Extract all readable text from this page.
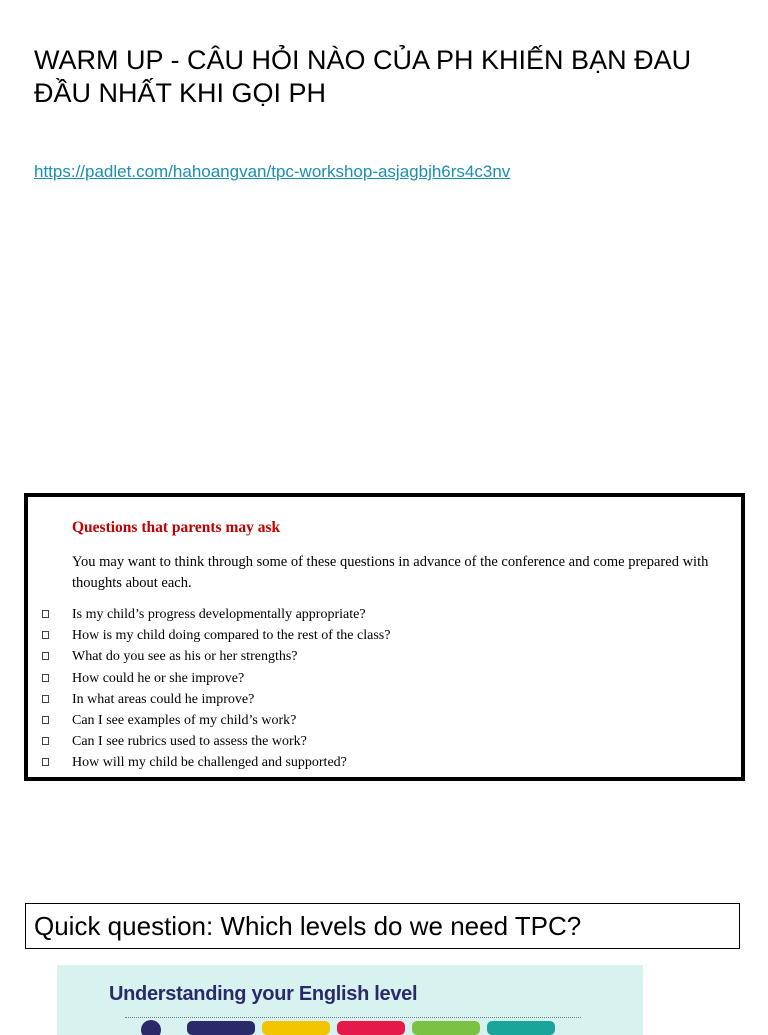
WARM UP - CÂU HỎI NÀO CỦA PH KHIẾN BẠN ĐAU ĐẦU NHẤT KHI GỌI PH
https://padlet.com/hahoangvan/tpc-workshop-asjagbjh6rs4c3nv
Questions that parents may ask
You may want to think through some of these questions in advance of the conference and come prepared with thoughts about each.
Is my child’s progress developmentally appropriate?
How is my child doing compared to the rest of the class?
What do you see as his or her strengths?
How could he or she improve?
In what areas could he improve?
Can I see examples of my child’s work?
Can I see rubrics used to assess the work?
How will my child be challenged and supported?
Quick question: Which levels do we need TPC?
Understanding your English level
